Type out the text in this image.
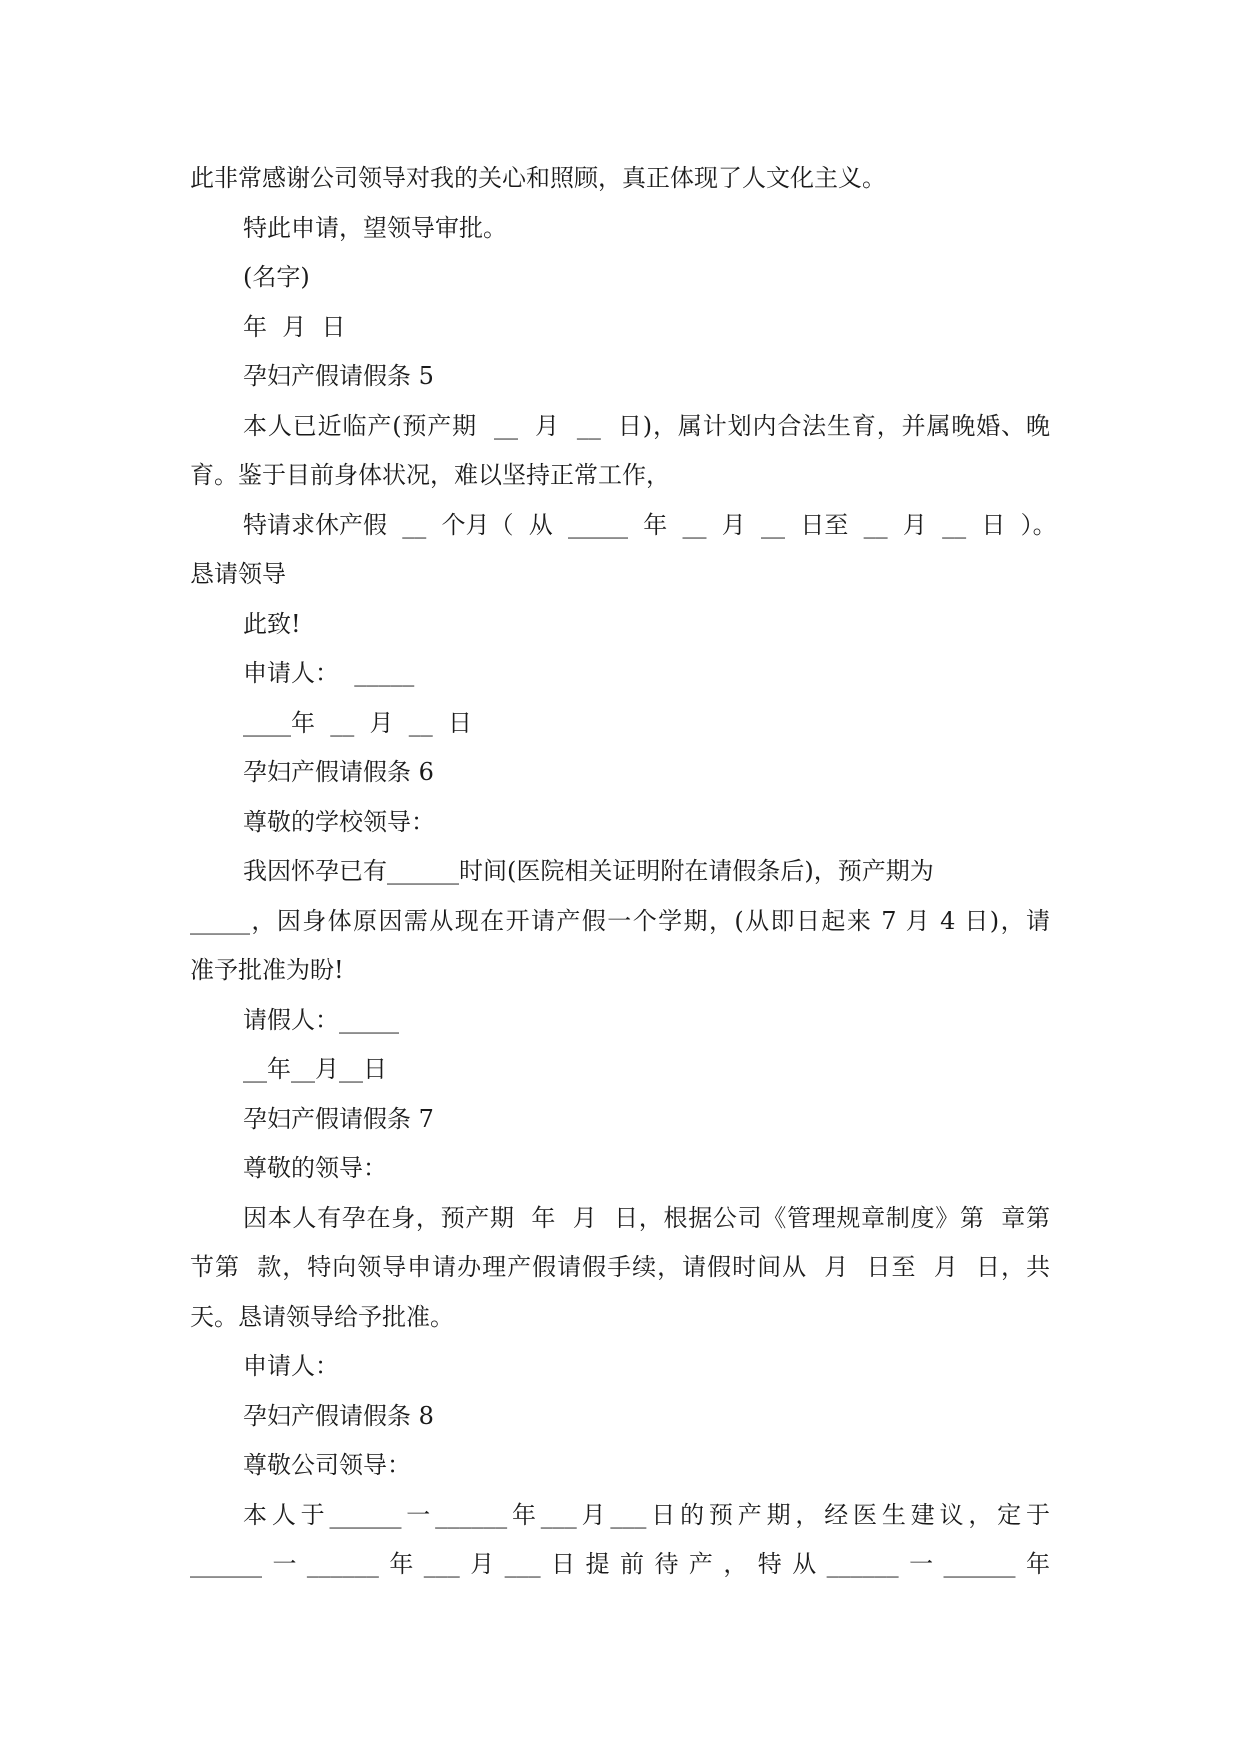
此非常感谢公司领导对我的关心和照顾，真正体现了人文化主义。
特此申请，望领导审批。
(名字)
年  月  日
孕妇产假请假条 5
本人已近临产(预产期  __  月  __  日)，属计划内合法生育，并属晚婚、晚
育。鉴于目前身体状况，难以坚持正常工作，
特请求休产假  __  个月（  从  _____  年  __  月  __  日至  __  月  __  日  ）。
恳请领导
此致!
申请人：  _____
____年  __  月  __  日
孕妇产假请假条 6
尊敬的学校领导：
我因怀孕已有______时间(医院相关证明附在请假条后)，预产期为
_____，因身体原因需从现在开请产假一个学期，(从即日起来 7 月 4 日)，请
准予批准为盼!
请假人：_____
__年__月__日
孕妇产假请假条 7
尊敬的领导：
因本人有孕在身，预产期  年  月  日，根据公司《管理规章制度》第  章第
节第  款，特向领导申请办理产假请假手续，请假时间从  月  日至  月  日，共
天。恳请领导给予批准。
申请人：
孕妇产假请假条 8
尊敬公司领导：
本人于______一______年___月___日的预产期，经医生建议，定于
______一______年___月___日提前待产，特从______一______年
